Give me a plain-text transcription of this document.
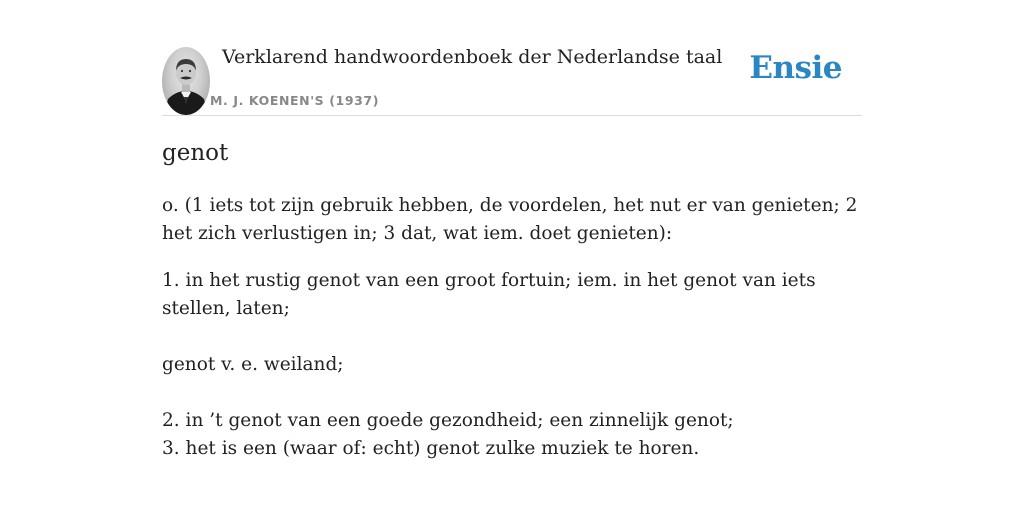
Verklarend handwoordenboek der Nederlandse taal
M. J. KOENEN'S (1937)
Ensie
genot

o. (1 iets tot zijn gebruik hebben, de voordelen, het nut er van genieten; 2 het zich verlustigen in; 3 dat, wat iem. doet genieten):

1. in het rustig genot van een groot fortuin; iem. in het genot van iets stellen, laten;

genot v. e. weiland;

2. in ’t genot van een goede gezondheid; een zinnelijk genot;

3. het is een (waar of: echt) genot zulke muziek te horen.
